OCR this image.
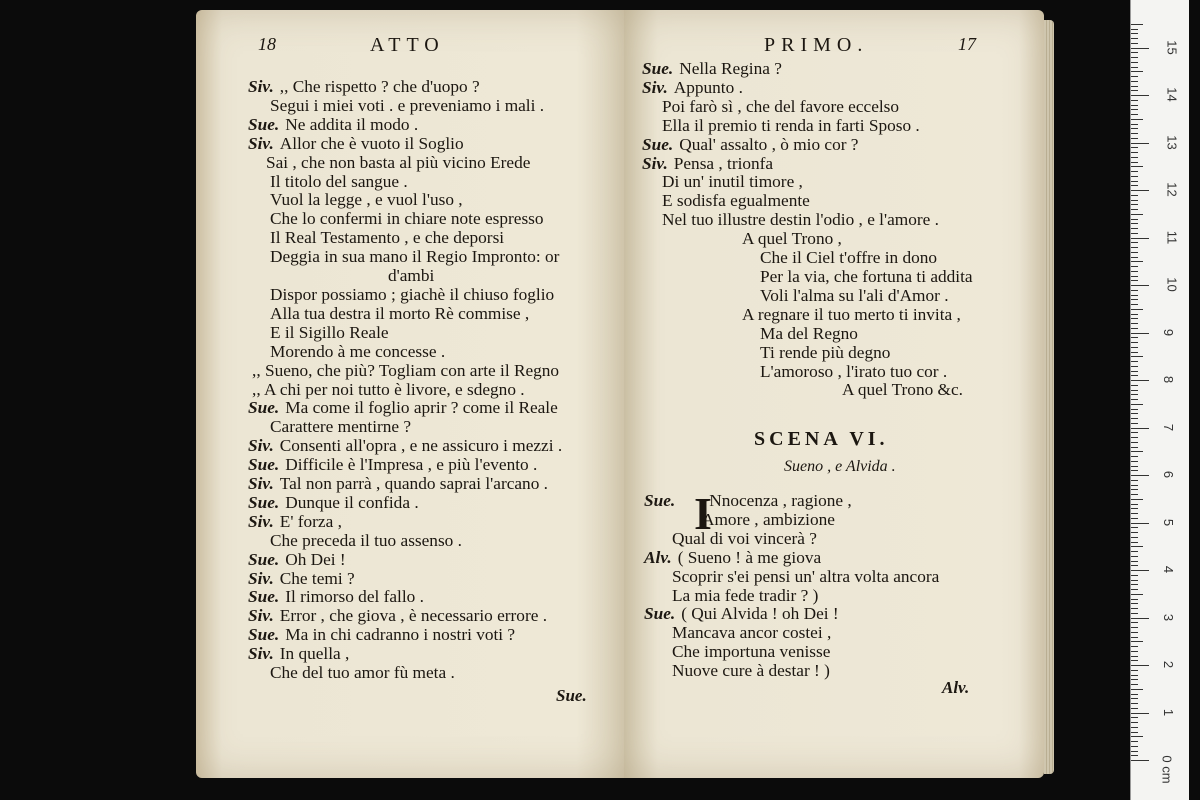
18	ATTO
Siv. ,, Che rispetto ? che d'uopo ?
Segui i miei voti . e preveniamo i mali .
Sue. Ne addita il modo .
Siv. Allor che è vuoto il Soglio
Sai , che non basta al più vicino Erede
Il titolo del sangue .
Vuol la legge , e vuol l'uso ,
Che lo confermi in chiare note espresso
Il Real Testamento , e che deporsi
Deggia in sua mano il Regio Impronto: or
d'ambi
Dispor possiamo ; giachè il chiuso foglio
Alla tua destra il morto Rè commise ,
E il Sigillo Reale
Morendo à me concesse .
,, Sueno, che più? Togliam con arte il Regno
,, A chi per noi tutto è livore, e sdegno .
Sue. Ma come il foglio aprir ? come il Reale
Carattere mentirne ?
Siv. Consenti all'opra , e ne assicuro i mezzi .
Sue. Difficile è l'Impresa , e più l'evento .
Siv. Tal non parrà , quando saprai l'arcano .
Sue. Dunque il confida .
Siv. E' forza ,
Che preceda il tuo assenso .
Sue. Oh Dei !
Siv. Che temi ?
Sue. Il rimorso del fallo .
Siv. Error , che giova , è necessario errore .
Sue. Ma in chi cadranno i nostri voti ?
Siv. In quella ,
Che del tuo amor fù meta .
Sue.
PRIMO.	17
Sue. Nella Regina ?
Siv. Appunto .
Poi farò sì , che del favore eccelso
Ella il premio ti renda in farti Sposo .
Sue. Qual' assalto , ò mio cor ?
Siv. Pensa , trionfa
Di un' inutil timore ,
E sodisfa egualmente
Nel tuo illustre destin l'odio , e l'amore .
A quel Trono ,
Che il Ciel t'offre in dono
Per la via, che fortuna ti addita
Voli l'alma su l'ali d'Amor .
A regnare il tuo merto ti invita ,
Ma del Regno
Ti rende più degno
L'amoroso , l'irato tuo cor .
A quel Trono &c.
SCENA VI.
Sueno , e Alvida .
I
Sue. Nnocenza , ragione ,
Amore , ambizione
Qual di voi vincerà ?
Alv. ( Sueno ! à me giova
Scoprir s'ei pensi un' altra volta ancora
La mia fede tradir ? )
Sue. ( Qui Alvida ! oh Dei !
Mancava ancor costei ,
Che importuna venisse
Nuove cure à destar ! )
Alv.
1
2
3
4
5
6
7
8
9
10
11
12
13
14
15
0 cm
